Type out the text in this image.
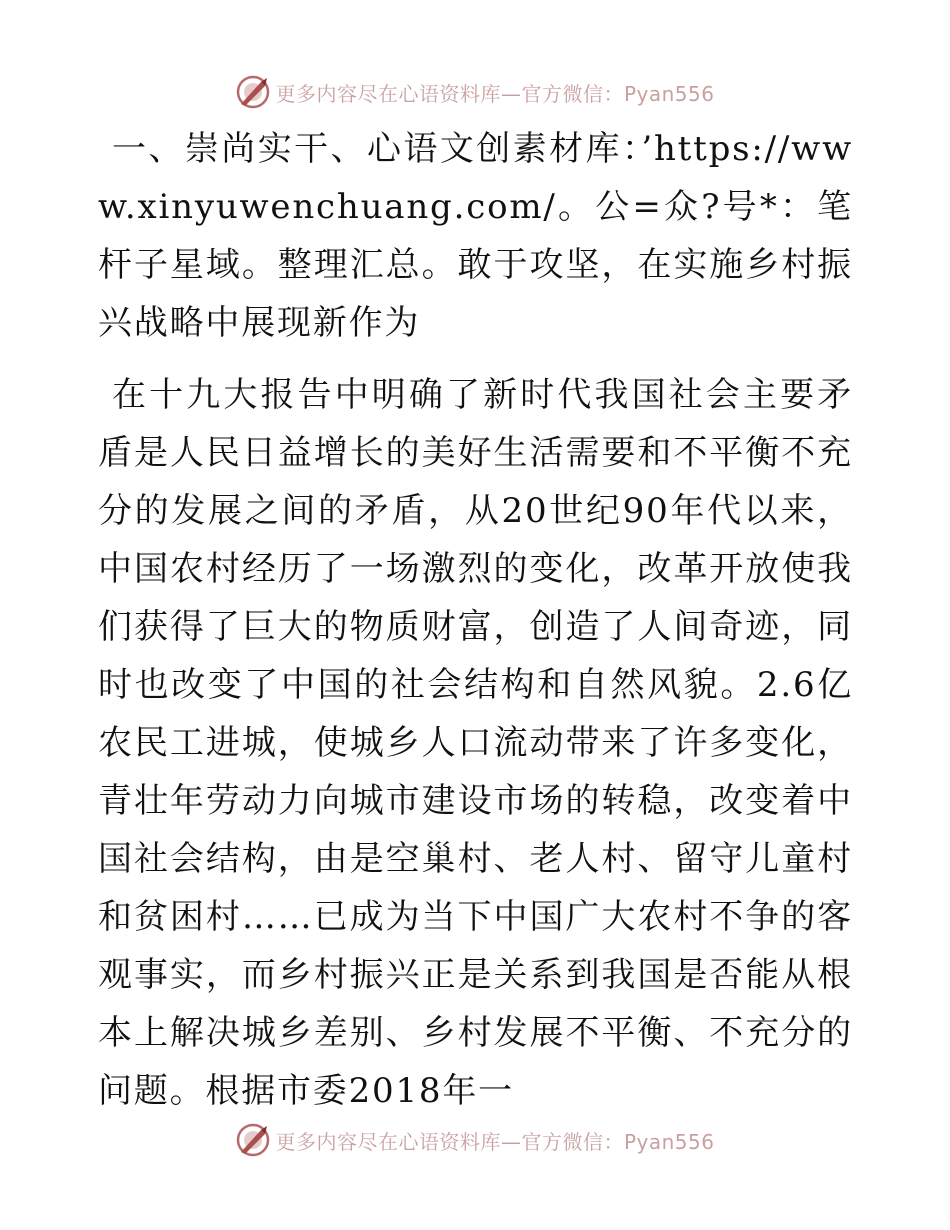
更多内容尽在心语资料库—官方微信：Pyan556

一、崇尚实干、心语文创素材库：’https://www.xinyuwenchuang.com/。公=众?号*：笔杆子星域。整理汇总。敢于攻坚，在实施乡村振兴战略中展现新作为

在十九大报告中明确了新时代我国社会主要矛盾是人民日益增长的美好生活需要和不平衡不充分的发展之间的矛盾，从20世纪90年代以来，中国农村经历了一场激烈的变化，改革开放使我们获得了巨大的物质财富，创造了人间奇迹，同时也改变了中国的社会结构和自然风貌。2.6亿农民工进城，使城乡人口流动带来了许多变化，青壮年劳动力向城市建设市场的转稳，改变着中国社会结构，由是空巢村、老人村、留守儿童村和贫困村……已成为当下中国广大农村不争的客观事实，而乡村振兴正是关系到我国是否能从根本上解决城乡差别、乡村发展不平衡、不充分的问题。根据市委2018年一

更多内容尽在心语资料库—官方微信：Pyan556
